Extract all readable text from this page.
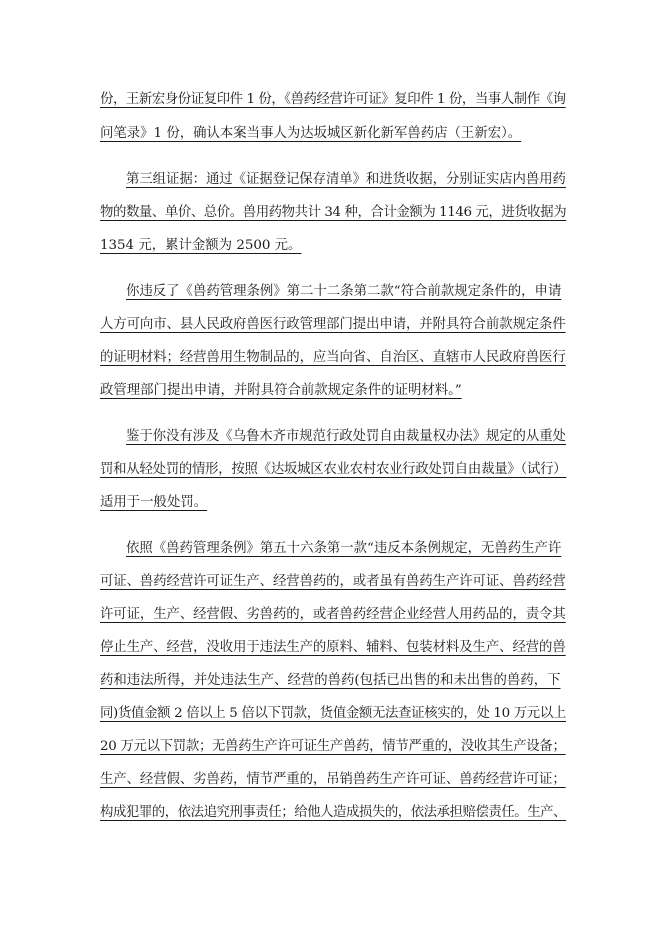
份，王新宏身份证复印件 1 份，《兽药经营许可证》复印件 1 份，当事人制作《询
问笔录》1 份，确认本案当事人为达坂城区新化新军兽药店（王新宏）。
第三组证据：通过《证据登记保存清单》和进货收据，分别证实店内兽用药
物的数量、单价、总价。兽用药物共计 34 种，合计金额为 1146 元，进货收据为
1354 元，累计金额为 2500 元。
你违反了《兽药管理条例》第二十二条第二款“符合前款规定条件的，申请
人方可向市、县人民政府兽医行政管理部门提出申请，并附具符合前款规定条件
的证明材料；经营兽用生物制品的，应当向省、自治区、直辖市人民政府兽医行
政管理部门提出申请，并附具符合前款规定条件的证明材料。”
鉴于你没有涉及《乌鲁木齐市规范行政处罚自由裁量权办法》规定的从重处
罚和从轻处罚的情形，按照《达坂城区农业农村农业行政处罚自由裁量》（试行）
适用于一般处罚。
依照《兽药管理条例》第五十六条第一款“违反本条例规定，无兽药生产许
可证、兽药经营许可证生产、经营兽药的，或者虽有兽药生产许可证、兽药经营
许可证，生产、经营假、劣兽药的，或者兽药经营企业经营人用药品的，责令其
停止生产、经营，没收用于违法生产的原料、辅料、包装材料及生产、经营的兽
药和违法所得，并处违法生产、经营的兽药(包括已出售的和未出售的兽药，下
同)货值金额 2 倍以上 5 倍以下罚款，货值金额无法查证核实的，处 10 万元以上
20 万元以下罚款；无兽药生产许可证生产兽药，情节严重的，没收其生产设备；
生产、经营假、劣兽药，情节严重的，吊销兽药生产许可证、兽药经营许可证；
构成犯罪的，依法追究刑事责任；给他人造成损失的，依法承担赔偿责任。生产、
